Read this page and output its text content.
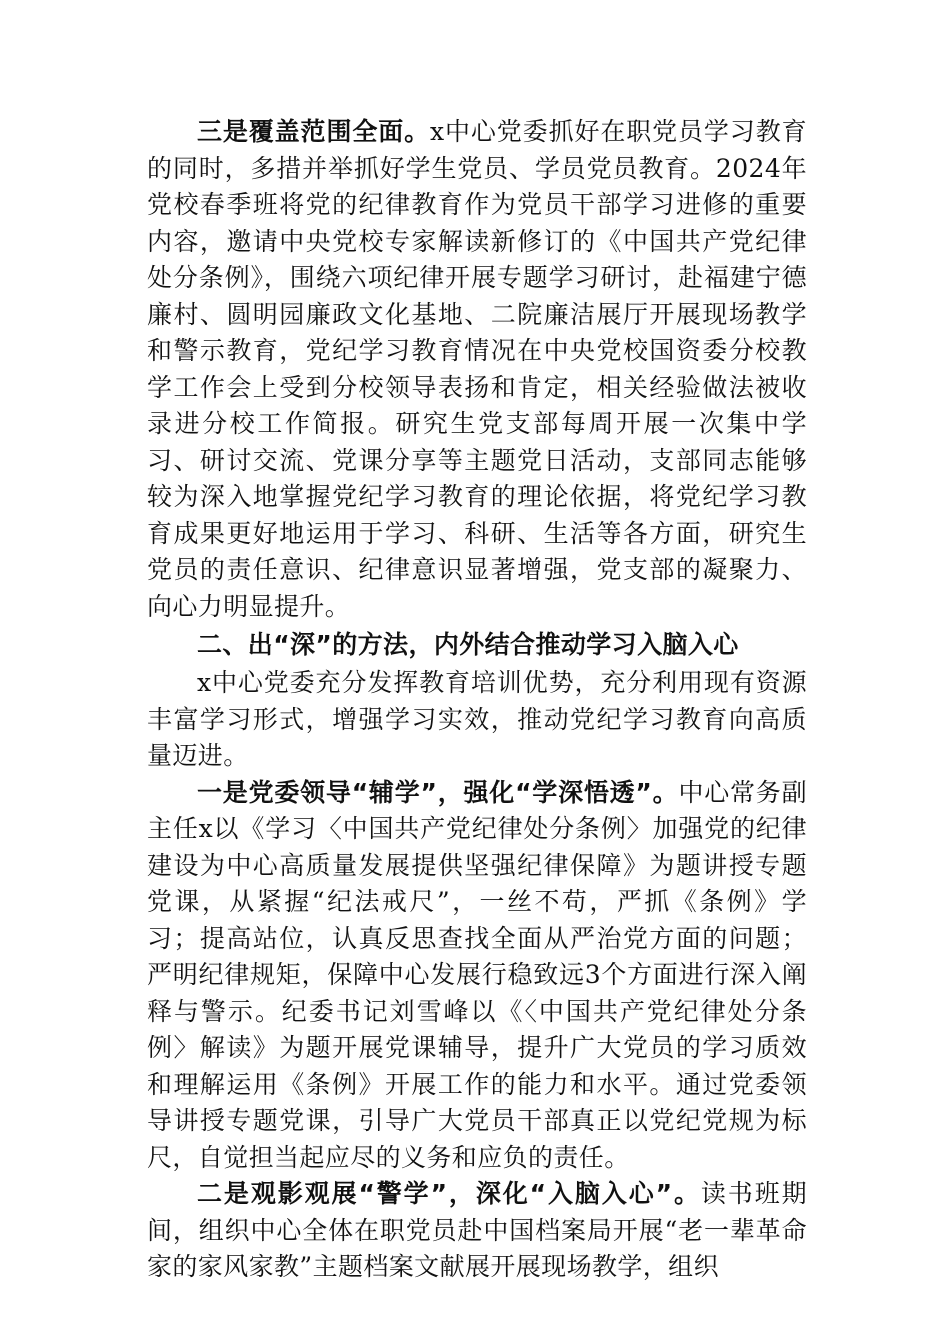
三是覆盖范围全面。x中心党委抓好在职党员学习教育的同时，多措并举抓好学生党员、学员党员教育。2024年党校春季班将党的纪律教育作为党员干部学习进修的重要内容，邀请中央党校专家解读新修订的《中国共产党纪律处分条例》，围绕六项纪律开展专题学习研讨，赴福建宁德廉村、圆明园廉政文化基地、二院廉洁展厅开展现场教学和警示教育，党纪学习教育情况在中央党校国资委分校教学工作会上受到分校领导表扬和肯定，相关经验做法被收录进分校工作简报。研究生党支部每周开展一次集中学习、研讨交流、党课分享等主题党日活动，支部同志能够较为深入地掌握党纪学习教育的理论依据，将党纪学习教育成果更好地运用于学习、科研、生活等各方面，研究生党员的责任意识、纪律意识显著增强，党支部的凝聚力、向心力明显提升。

二、出“深”的方法，内外结合推动学习入脑入心

x中心党委充分发挥教育培训优势，充分利用现有资源丰富学习形式，增强学习实效，推动党纪学习教育向高质量迈进。

一是党委领导“辅学”，强化“学深悟透”。中心常务副主任x以《学习〈中国共产党纪律处分条例〉加强党的纪律建设为中心高质量发展提供坚强纪律保障》为题讲授专题党课，从紧握“纪法戒尺”，一丝不苟，严抓《条例》学习；提高站位，认真反思查找全面从严治党方面的问题；严明纪律规矩，保障中心发展行稳致远3个方面进行深入阐释与警示。纪委书记刘雪峰以《〈中国共产党纪律处分条例〉解读》为题开展党课辅导，提升广大党员的学习质效和理解运用《条例》开展工作的能力和水平。通过党委领导讲授专题党课，引导广大党员干部真正以党纪党规为标尺，自觉担当起应尽的义务和应负的责任。

二是观影观展“警学”，深化“入脑入心”。读书班期间，组织中心全体在职党员赴中国档案局开展“老一辈革命家的家风家教”主题档案文献展开展现场教学，组织
